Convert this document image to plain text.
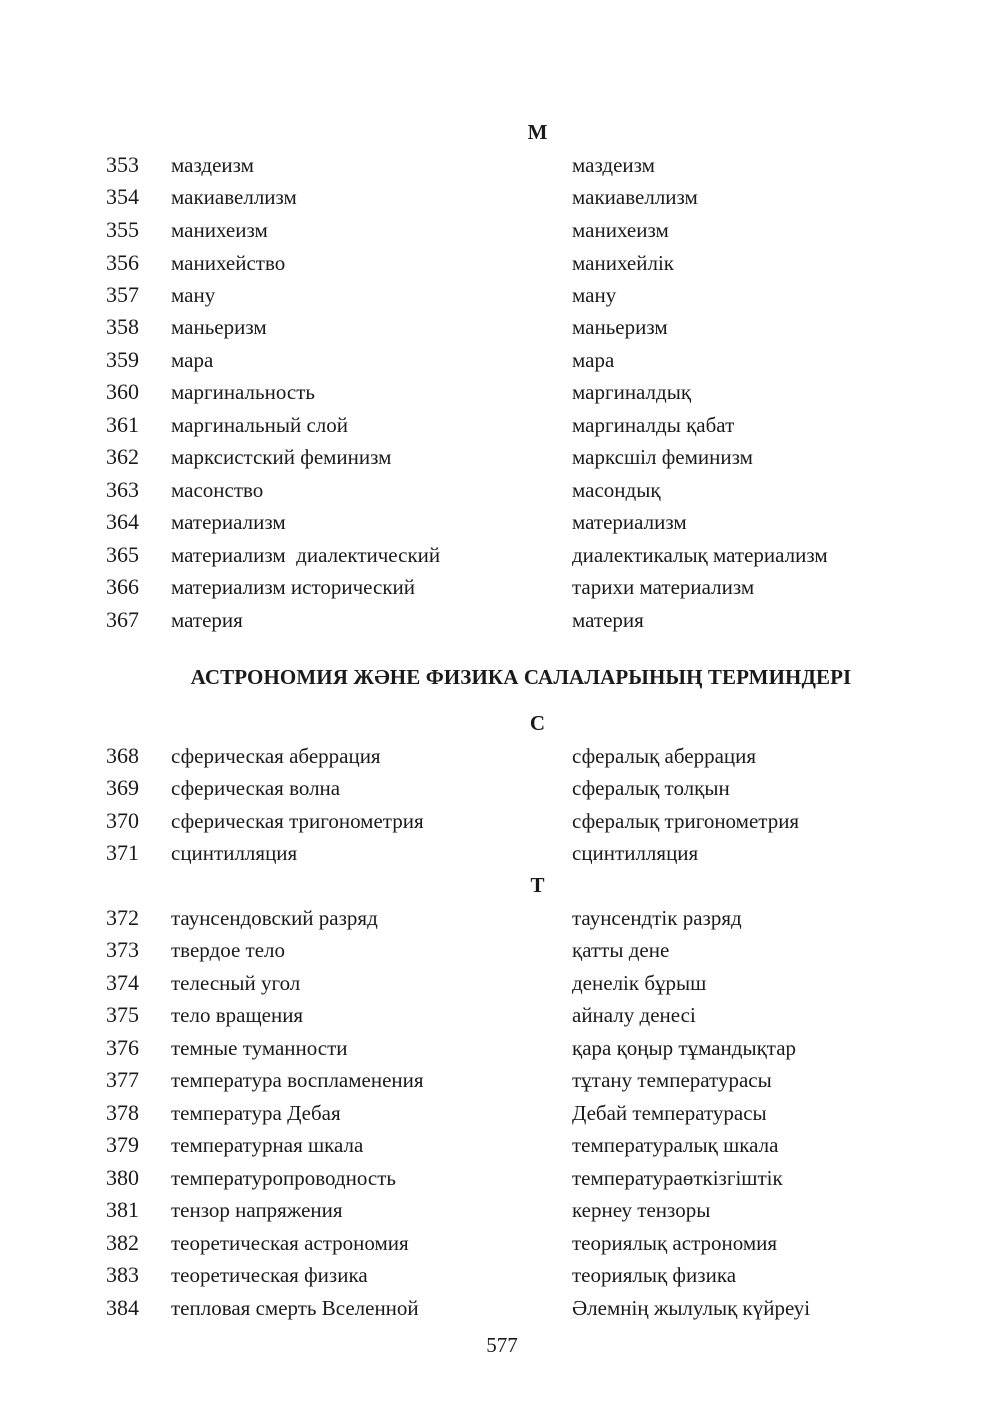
М
353 маздеизм	маздеизм
354 макиавеллизм	макиавеллизм
355 манихеизм	манихеизм
356 манихейство	манихейлік
357 ману	ману
358 маньеризм	маньеризм
359 мара	мара
360 маргинальность	маргиналдық
361 маргинальный слой	маргиналды қабат
362 марксистский феминизм	марксшіл феминизм
363 масонство	масондық
364 материализм	материализм
365 материализм  диалектический	диалектикалық материализм
366 материализм исторический	тарихи материализм
367 материя	материя
АСТРОНОМИЯ ЖӘНЕ ФИЗИКА САЛАЛАРЫНЫҢ ТЕРМИНДЕРІ
С
368 сферическая аберрация	сфералық аберрация
369 сферическая волна	сфералық толқын
370 сферическая тригонометрия	сфералық тригонометрия
371 сцинтилляция	сцинтилляция
Т
372 таунсендовский разряд	таунсендтік разряд
373 твердое тело	қатты дене
374 телесный угол	денелік бұрыш
375 тело вращения	айналу денесі
376 темные туманности	қара қоңыр тұмандықтар
377 температура воспламенения	тұтану температурасы
378 температура Дебая	Дебай температурасы
379 температурная шкала	температуралық шкала
380 температуропроводность	температураөткізгіштік
381 тензор напряжения	кернеу тензоры
382 теоретическая астрономия	теориялық астрономия
383 теоретическая физика	теориялық физика
384 тепловая смерть Вселенной	Әлемнің жылулық күйреуі
577
